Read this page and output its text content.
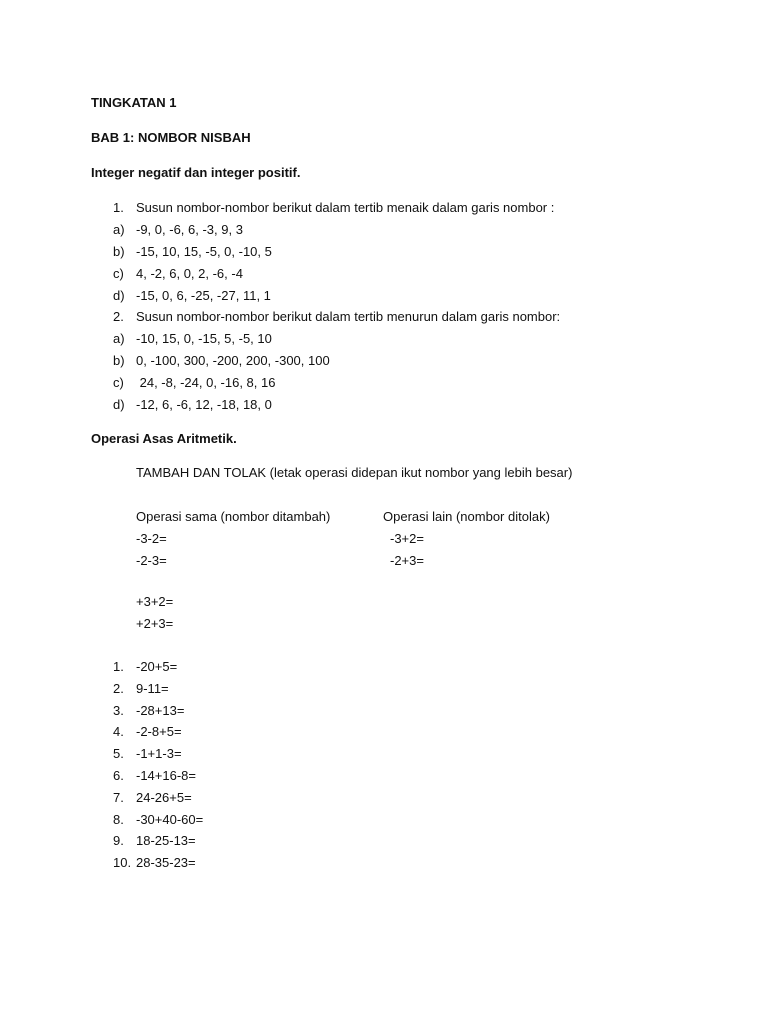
TINGKATAN 1
BAB 1: NOMBOR NISBAH
Integer negatif dan integer positif.
1. Susun nombor-nombor berikut dalam tertib menaik dalam garis nombor :
a) -9, 0, -6, 6, -3, 9, 3
b) -15, 10, 15, -5, 0, -10, 5
c) 4, -2, 6, 0, 2, -6, -4
d) -15, 0, 6, -25, -27, 11, 1
2. Susun nombor-nombor berikut dalam tertib menurun dalam garis nombor:
a) -10, 15, 0, -15, 5, -5, 10
b) 0, -100, 300, -200, 200, -300, 100
c) 24, -8, -24, 0, -16, 8, 16
d) -12, 6, -6, 12, -18, 18, 0
Operasi Asas Aritmetik.
TAMBAH DAN TOLAK (letak operasi didepan ikut nombor yang lebih besar)
Operasi sama (nombor ditambah)	Operasi lain (nombor ditolak)
-3-2=	-3+2=
-2-3=	-2+3=
+3+2=
+2+3=
1. -20+5=
2. 9-11=
3. -28+13=
4. -2-8+5=
5. -1+1-3=
6. -14+16-8=
7. 24-26+5=
8. -30+40-60=
9. 18-25-13=
10. 28-35-23=
